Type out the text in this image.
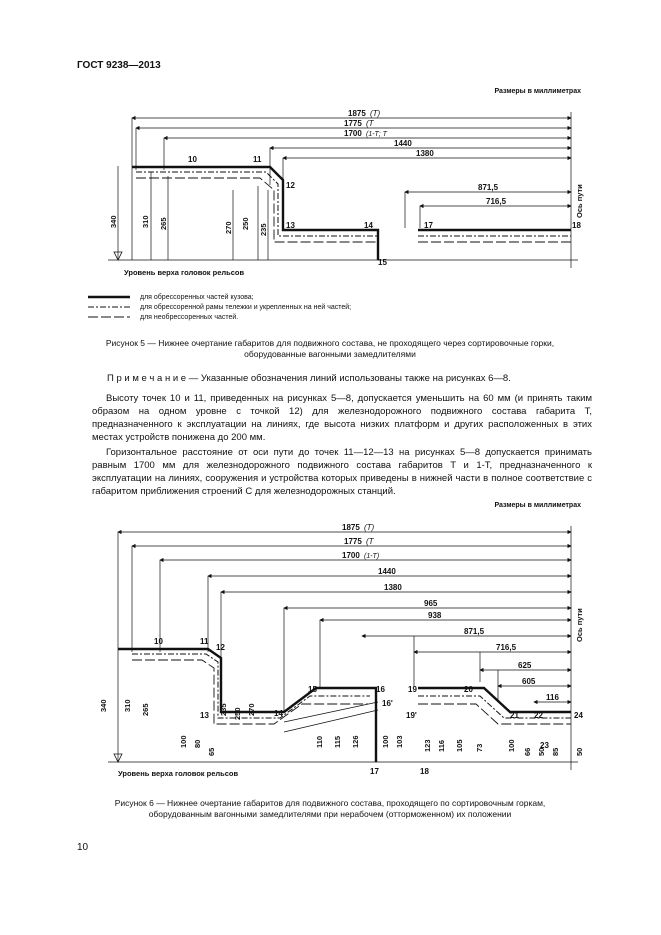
ГОСТ 9238—2013
Размеры в миллиметрах
1875 (Т)
1775 (Т
1700 (1-Т; Т
1440
1380
871,5
716,5
10	11
12
13	14
15
17	18
340	310 265	270 250 235
Ось пути
Уровень верха головок рельсов
для обрессоренных частей кузова;
для обрессоренной рамы тележки и укрепленных на ней частей;
для необрессоренных частей.
Рисунок 5 — Нижнее очертание габаритов для подвижного состава, не проходящего через сортировочные горки,
оборудованные вагонными замедлителями
П р и м е ч а н и е — Указанные обозначения линий использованы также на рисунках 6—8.
Высоту точек 10 и 11, приведенных на рисунках 5—8, допускается уменьшить на 60 мм (и принять таким образом на одном уровне с точкой 12) для железнодорожного подвижного состава габарита Т, предназначенного к эксплуатации на линиях, где высота низких платформ и других расположенных в этих местах устройств понижена до 200 мм.
Горизонтальное расстояние от оси пути до точек 11—12—13 на рисунках 5—8 допускается принимать равным 1700 мм для железнодорожного подвижного состава габаритов Т и 1-Т, предназначенного к эксплуатации на линиях, сооружения и устройства которых приведены в нижней части в полное соответствие с габаритом приближения строений С для железнодорожных станций.
Размеры в миллиметрах
1875 (Т)
1775 (Т
1700 (1-Т)
1440
1380
965
938
871,5
716,5
625
605
116
10	11
12
13	14
15	16
16'
17	18
19
19'
20
21 22
23
24
340 310 265	235 250 270
100 80
65
110 115 126	100 103	123 116 105 73	100 66 50 85 50
Ось пути
Уровень верха головок рельсов
Рисунок 6 — Нижнее очертание габаритов для подвижного состава, проходящего по сортировочным горкам,
оборудованным вагонными замедлителями при нерабочем (отторможенном) их положении
10
